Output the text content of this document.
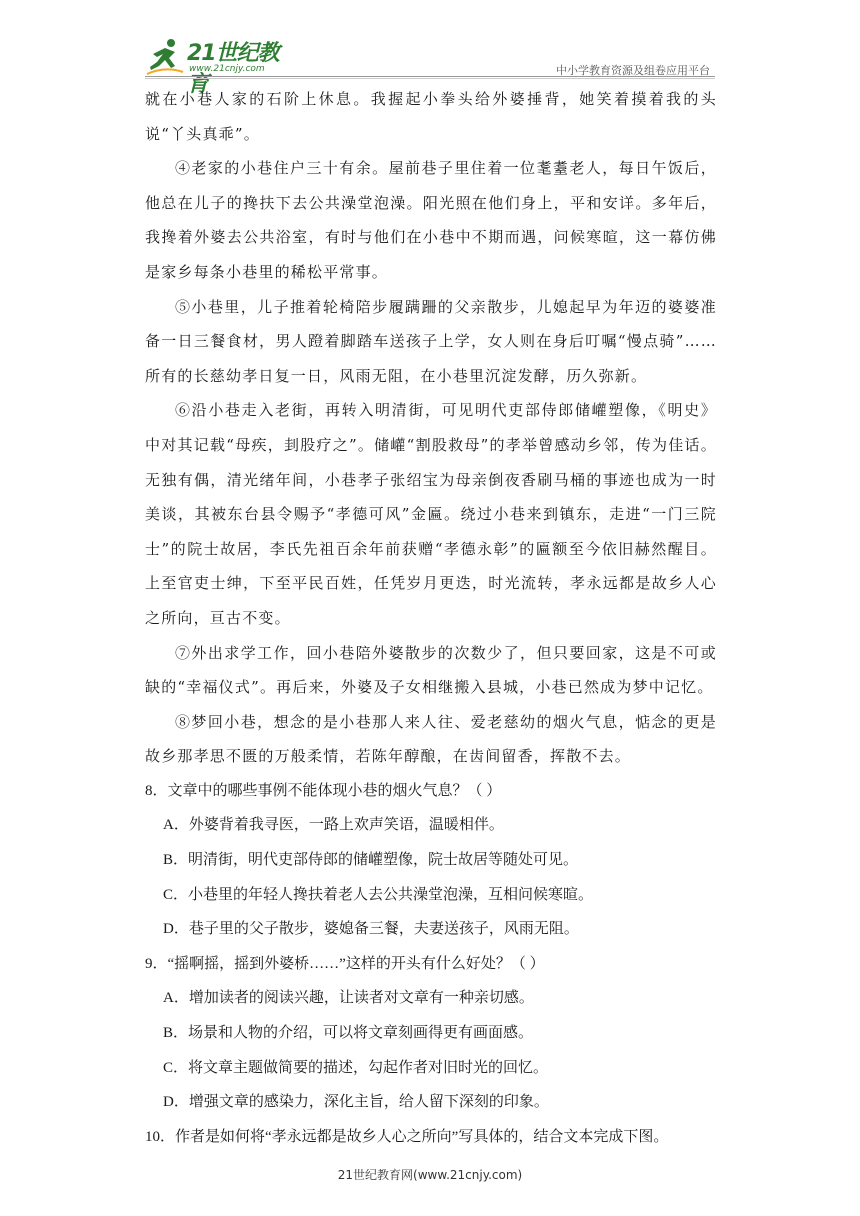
21世纪教育
www.21cnjy.com	中小学教育资源及组卷应用平台

就在小巷人家的石阶上休息。我握起小拳头给外婆捶背，她笑着摸着我的头说“丫头真乖”。

④老家的小巷住户三十有余。屋前巷子里住着一位耄耋老人，每日午饭后，他总在儿子的搀扶下去公共澡堂泡澡。阳光照在他们身上，平和安详。多年后，我搀着外婆去公共浴室，有时与他们在小巷中不期而遇，问候寒暄，这一幕仿佛是家乡每条小巷里的稀松平常事。

⑤小巷里，儿子推着轮椅陪步履蹒跚的父亲散步，儿媳起早为年迈的婆婆准备一日三餐食材，男人蹬着脚踏车送孩子上学，女人则在身后叮嘱“慢点骑”…… 所有的长慈幼孝日复一日，风雨无阻，在小巷里沉淀发酵，历久弥新。

⑥沿小巷走入老街，再转入明清街，可见明代吏部侍郎储巏塑像，《明史》中对其记载“母疾，刲股疗之”。储巏“割股救母”的孝举曾感动乡邻，传为佳话。无独有偶，清光绪年间，小巷孝子张绍宝为母亲倒夜香刷马桶的事迹也成为一时美谈，其被东台县令赐予“孝德可风”金匾。绕过小巷来到镇东，走进“一门三院士”的院士故居，李氏先祖百余年前获赠“孝德永彰”的匾额至今依旧赫然醒目。上至官吏士绅，下至平民百姓，任凭岁月更迭，时光流转，孝永远都是故乡人心之所向，亘古不变。

⑦外出求学工作，回小巷陪外婆散步的次数少了，但只要回家，这是不可或缺的“幸福仪式”。再后来，外婆及子女相继搬入县城，小巷已然成为梦中记忆。

⑧梦回小巷，想念的是小巷那人来人往、爱老慈幼的烟火气息，惦念的更是故乡那孝思不匮的万般柔情，若陈年醇酿，在齿间留香，挥散不去。

8．文章中的哪些事例不能体现小巷的烟火气息？（ ）

A．外婆背着我寻医，一路上欢声笑语，温暖相伴。

B．明清街，明代吏部侍郎的储巏塑像，院士故居等随处可见。

C．小巷里的年轻人搀扶着老人去公共澡堂泡澡，互相问候寒暄。

D．巷子里的父子散步，婆媳备三餐，夫妻送孩子，风雨无阻。

9．“摇啊摇，摇到外婆桥……”这样的开头有什么好处？（ ）

A．增加读者的阅读兴趣，让读者对文章有一种亲切感。

B．场景和人物的介绍，可以将文章刻画得更有画面感。

C．将文章主题做简要的描述，勾起作者对旧时光的回忆。

D．增强文章的感染力，深化主旨，给人留下深刻的印象。

10．作者是如何将“孝永远都是故乡人心之所向”写具体的，结合文本完成下图。

21世纪教育网(www.21cnjy.com)
